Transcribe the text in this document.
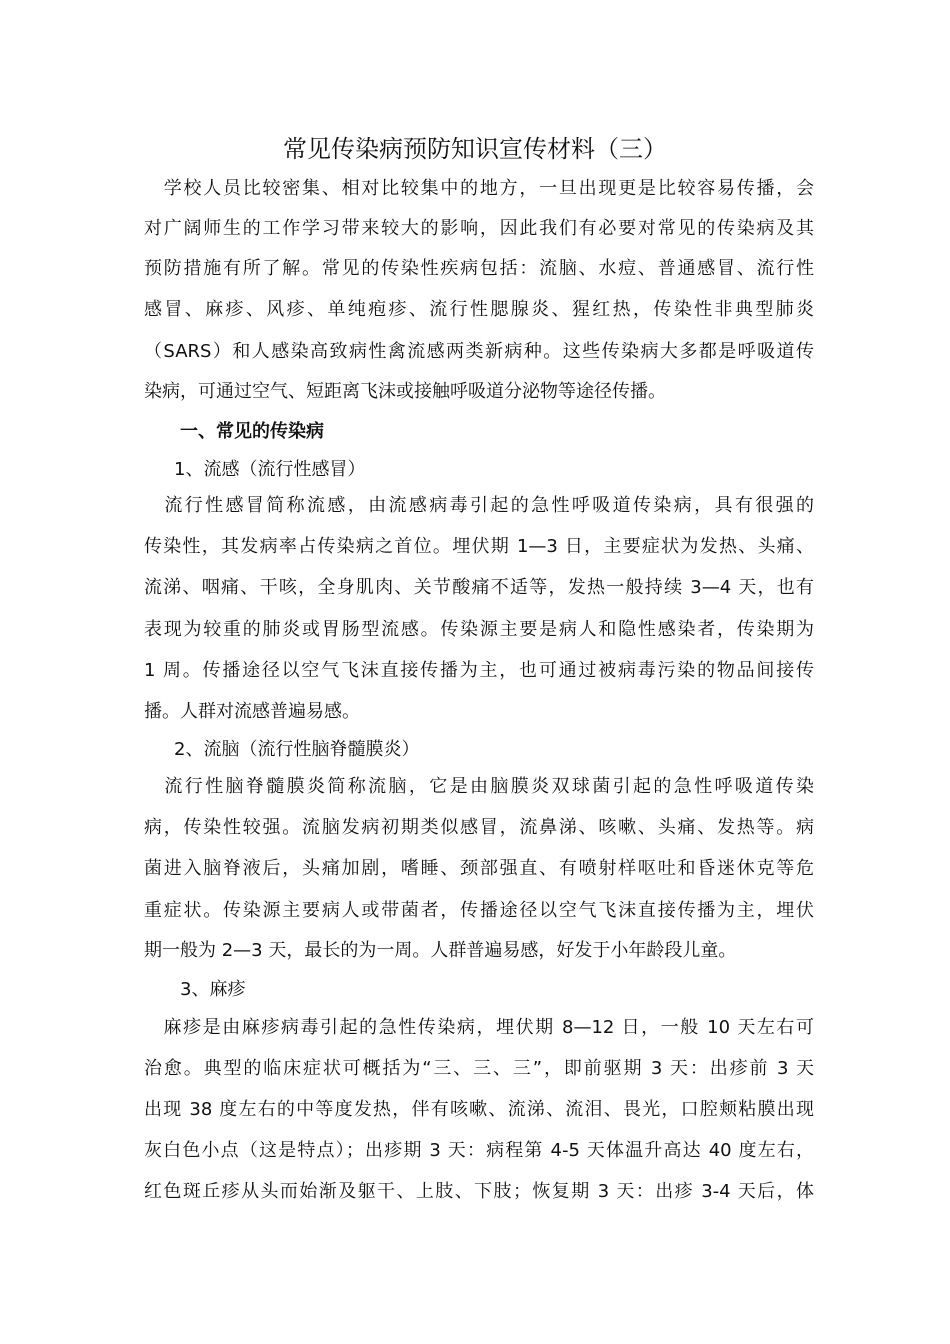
常见传染病预防知识宣传材料（三）
　学校人员比较密集、相对比较集中的地方，一旦出现更是比较容易传播，会
对广阔师生的工作学习带来较大的影响，因此我们有必要对常见的传染病及其
预防措施有所了解。常见的传染性疾病包括：流脑、水痘、普通感冒、流行性
感冒、麻疹、风疹、单纯疱疹、流行性腮腺炎、猩红热，传染性非典型肺炎
（SARS）和人感染高致病性禽流感两类新病种。这些传染病大多都是呼吸道传
染病，可通过空气、短距离飞沫或接触呼吸道分泌物等途径传播。
一、常见的传染病
1、流感（流行性感冒）
　流行性感冒简称流感，由流感病毒引起的急性呼吸道传染病，具有很强的
传染性，其发病率占传染病之首位。埋伏期 1—3 日，主要症状为发热、头痛、
流涕、咽痛、干咳，全身肌肉、关节酸痛不适等，发热一般持续 3—4 天，也有
表现为较重的肺炎或胃肠型流感。传染源主要是病人和隐性感染者，传染期为
1 周。传播途径以空气飞沫直接传播为主，也可通过被病毒污染的物品间接传
播。人群对流感普遍易感。
2、流脑（流行性脑脊髓膜炎）
　流行性脑脊髓膜炎简称流脑，它是由脑膜炎双球菌引起的急性呼吸道传染
病，传染性较强。流脑发病初期类似感冒，流鼻涕、咳嗽、头痛、发热等。病
菌进入脑脊液后，头痛加剧，嗜睡、颈部强直、有喷射样呕吐和昏迷休克等危
重症状。传染源主要病人或带菌者，传播途径以空气飞沫直接传播为主，埋伏
期一般为 2—3 天，最长的为一周。人群普遍易感，好发于小年龄段儿童。
3、麻疹
　麻疹是由麻疹病毒引起的急性传染病，埋伏期 8—12 日，一般 10 天左右可
治愈。典型的临床症状可概括为“三、三、三”，即前驱期 3 天：出疹前 3 天
出现 38 度左右的中等度发热，伴有咳嗽、流涕、流泪、畏光，口腔颊粘膜出现
灰白色小点（这是特点）；出疹期 3 天：病程第 4-5 天体温升高达 40 度左右，
红色斑丘疹从头而始渐及躯干、上肢、下肢；恢复期 3 天：出疹 3-4 天后，体
